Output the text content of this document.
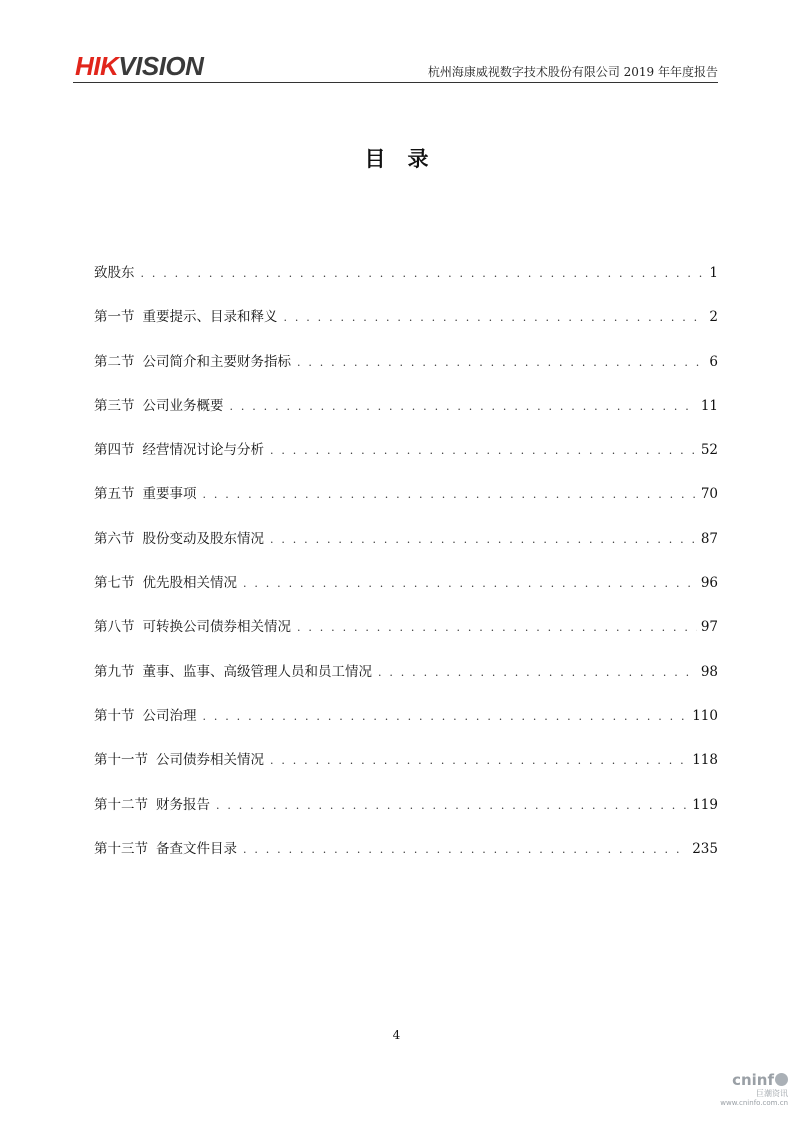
HIKVISION	杭州海康威视数字技术股份有限公司 2019 年年度报告
目录
致股东 . . .	1
第一节 重要提示、目录和释义 . . .	2
第二节 公司简介和主要财务指标 . . .	6
第三节 公司业务概要 . . .	11
第四节 经营情况讨论与分析 . . .	52
第五节 重要事项 . . .	70
第六节 股份变动及股东情况 . . .	87
第七节 优先股相关情况 . . .	96
第八节 可转换公司债券相关情况 . . .	97
第九节 董事、监事、高级管理人员和员工情况 . . .	98
第十节 公司治理 . . .	110
第十一节 公司债券相关情况 . . .	118
第十二节 财务报告 . . .	119
第十三节 备查文件目录 . . .	235
4
cninf
巨潮资讯
www.cninfo.com.cn
